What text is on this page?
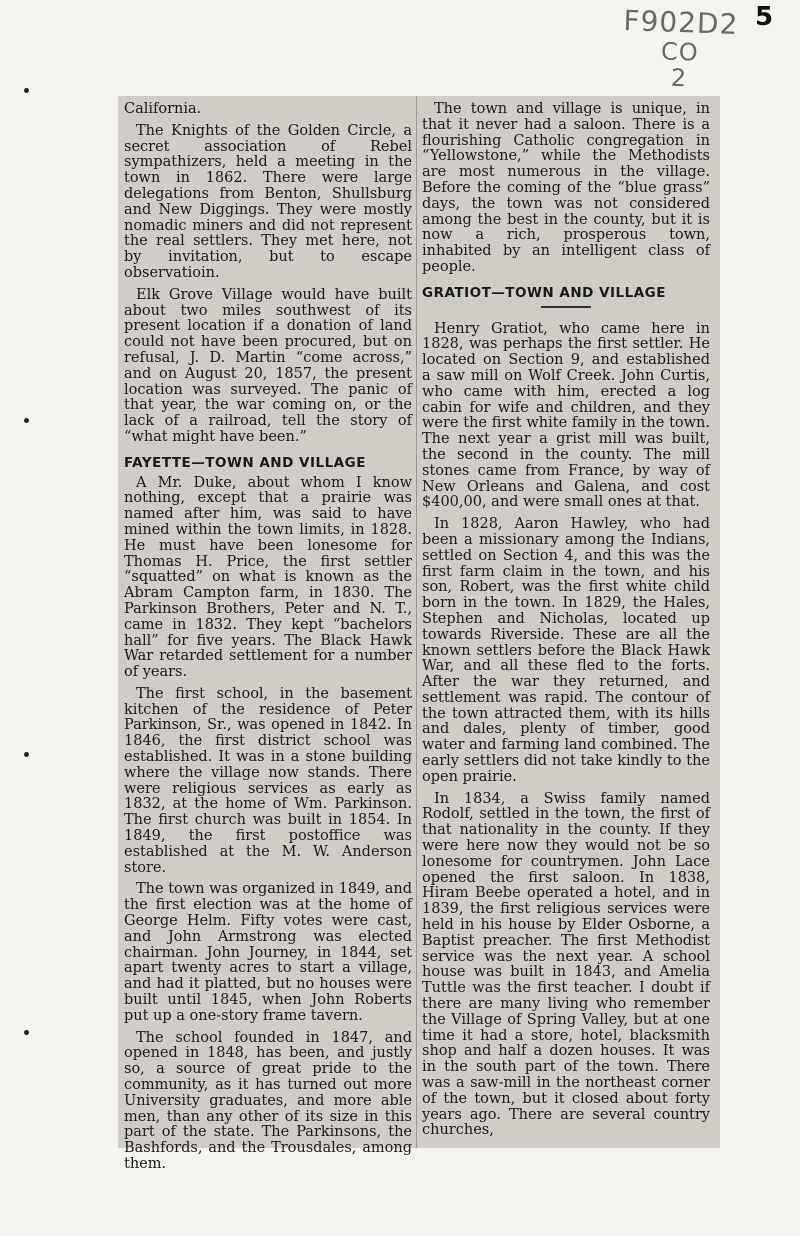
F902D2
CO
2
5

California.

The Knights of the Golden Circle, a secret association of Rebel sympathizers, held a meeting in the town in 1862. There were large delegations from Benton, Shullsburg and New Diggings. They were mostly nomadic miners and did not represent the real settlers. They met here, not by invitation, but to escape observatioin.

Elk Grove Village would have built about two miles southwest of its present location if a donation of land could not have been procured, but on refusal, J. D. Martin “come across,” and on August 20, 1857, the present location was surveyed. The panic of that year, the war coming on, or the lack of a railroad, tell the story of “what might have been.”

FAYETTE—TOWN AND VILLAGE

A Mr. Duke, about whom I know nothing, except that a prairie was named after him, was said to have mined within the town limits, in 1828. He must have been lonesome for Thomas H. Price, the first settler “squatted” on what is known as the Abram Campton farm, in 1830. The Parkinson Brothers, Peter and N. T., came in 1832. They kept “bachelors hall” for five years. The Black Hawk War retarded settlement for a number of years.

The first school, in the basement kitchen of the residence of Peter Parkinson, Sr., was opened in 1842. In 1846, the first district school was established. It was in a stone building where the village now stands. There were religious services as early as 1832, at the home of Wm. Parkinson. The first church was built in 1854. In 1849, the first postoffice was established at the M. W. Anderson store.

The town was organized in 1849, and the first election was at the home of George Helm. Fifty votes were cast, and John Armstrong was elected chairman. John Journey, in 1844, set apart twenty acres to start a village, and had it platted, but no houses were built until 1845, when John Roberts put up a one-story frame tavern.

The school founded in 1847, and opened in 1848, has been, and justly so, a source of great pride to the community, as it has turned out more University graduates, and more able men, than any other of its size in this part of the state. The Parkinsons, the Bashfords, and the Trousdales, among them.

The town and village is unique, in that it never had a saloon. There is a flourishing Catholic congregation in “Yellowstone,” while the Methodists are most numerous in the village. Before the coming of the “blue grass” days, the town was not considered among the best in the county, but it is now a rich, prosperous town, inhabited by an intelligent class of people.

GRATIOT—TOWN AND VILLAGE

Henry Gratiot, who came here in 1828, was perhaps the first settler. He located on Section 9, and established a saw mill on Wolf Creek. John Curtis, who came with him, erected a log cabin for wife and children, and they were the first white family in the town. The next year a grist mill was built, the second in the county. The mill stones came from France, by way of New Orleans and Galena, and cost $400,00, and were small ones at that.

In 1828, Aaron Hawley, who had been a missionary among the Indians, settled on Section 4, and this was the first farm claim in the town, and his son, Robert, was the first white child born in the town. In 1829, the Hales, Stephen and Nicholas, located up towards Riverside. These are all the known settlers before the Black Hawk War, and all these fled to the forts. After the war they returned, and settlement was rapid. The contour of the town attracted them, with its hills and dales, plenty of timber, good water and farming land combined. The early settlers did not take kindly to the open prairie.

In 1834, a Swiss family named Rodolf, settled in the town, the first of that nationality in the county. If they were here now they would not be so lonesome for countrymen. John Lace opened the first saloon. In 1838, Hiram Beebe operated a hotel, and in 1839, the first religious services were held in his house by Elder Osborne, a Baptist preacher. The first Methodist service was the next year. A school house was built in 1843, and Amelia Tuttle was the first teacher. I doubt if there are many living who remember the Village of Spring Valley, but at one time it had a store, hotel, blacksmith shop and half a dozen houses. It was in the south part of the town. There was a saw-mill in the northeast corner of the town, but it closed about forty years ago. There are several country churches,
